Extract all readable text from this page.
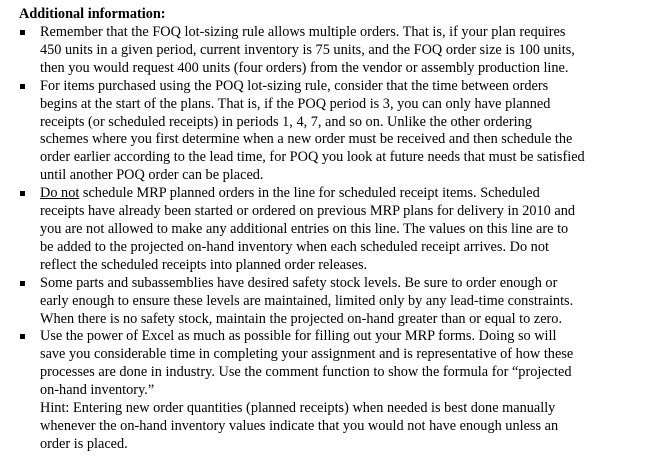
Additional information:
Remember that the FOQ lot-sizing rule allows multiple orders. That is, if your plan requires
450 units in a given period, current inventory is 75 units, and the FOQ order size is 100 units,
then you would request 400 units (four orders) from the vendor or assembly production line.
For items purchased using the POQ lot-sizing rule, consider that the time between orders
begins at the start of the plans. That is, if the POQ period is 3, you can only have planned
receipts (or scheduled receipts) in periods 1, 4, 7, and so on. Unlike the other ordering
schemes where you first determine when a new order must be received and then schedule the
order earlier according to the lead time, for POQ you look at future needs that must be satisfied
until another POQ order can be placed.
Do not schedule MRP planned orders in the line for scheduled receipt items. Scheduled
receipts have already been started or ordered on previous MRP plans for delivery in 2010 and
you are not allowed to make any additional entries on this line. The values on this line are to
be added to the projected on-hand inventory when each scheduled receipt arrives. Do not
reflect the scheduled receipts into planned order releases.
Some parts and subassemblies have desired safety stock levels. Be sure to order enough or
early enough to ensure these levels are maintained, limited only by any lead-time constraints.
When there is no safety stock, maintain the projected on-hand greater than or equal to zero.
Use the power of Excel as much as possible for filling out your MRP forms. Doing so will
save you considerable time in completing your assignment and is representative of how these
processes are done in industry. Use the comment function to show the formula for “projected
on-hand inventory.”
Hint: Entering new order quantities (planned receipts) when needed is best done manually
whenever the on-hand inventory values indicate that you would not have enough unless an
order is placed.
